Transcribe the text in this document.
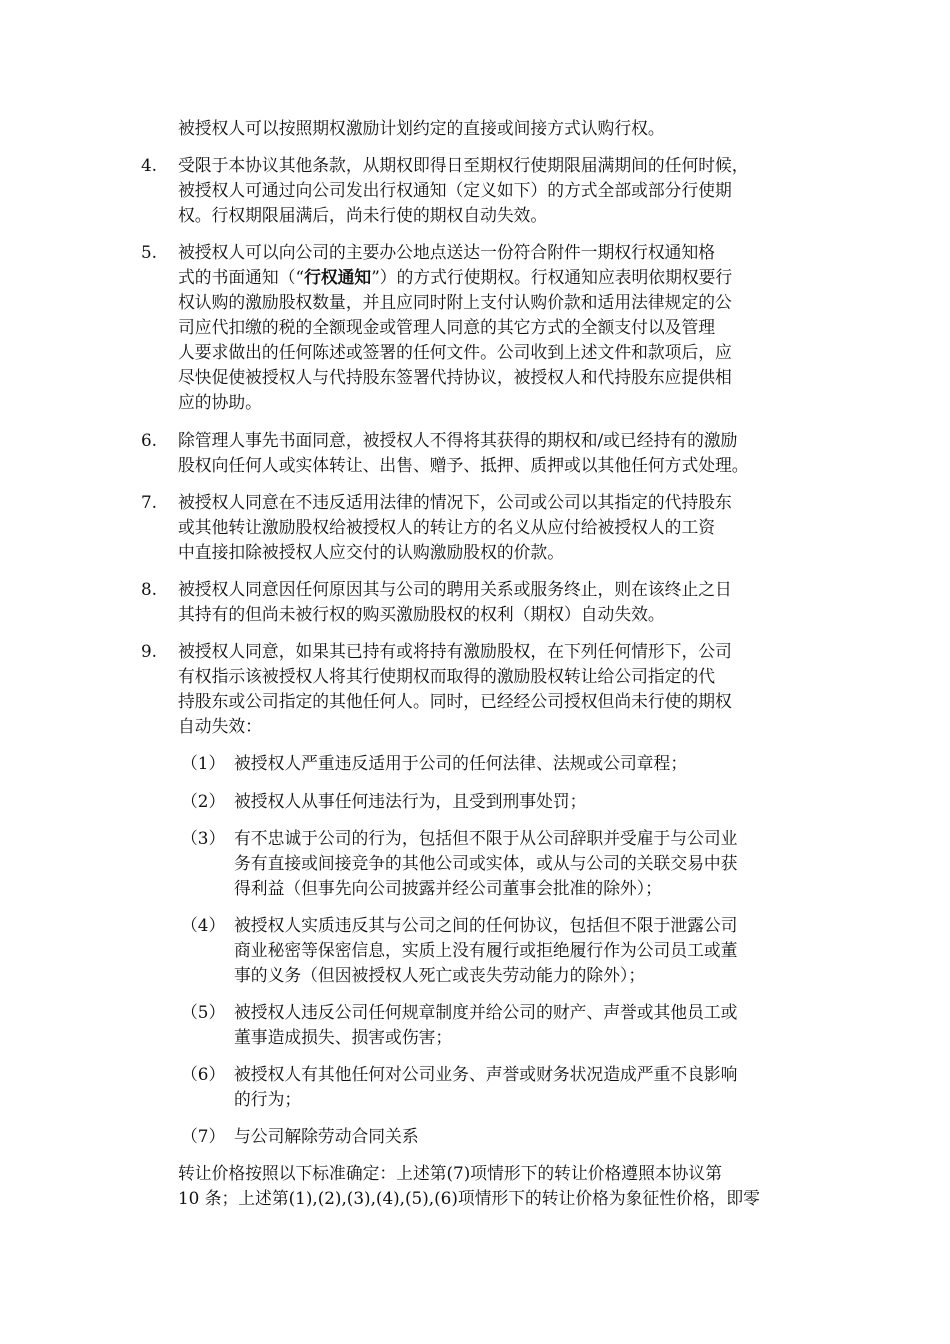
被授权人可以按照期权激励计划约定的直接或间接方式认购行权。
4. 受限于本协议其他条款，从期权即得日至期权行使期限届满期间的任何时候，
被授权人可通过向公司发出行权通知（定义如下）的方式全部或部分行使期
权。行权期限届满后，尚未行使的期权自动失效。
5. 被授权人可以向公司的主要办公地点送达一份符合附件一期权行权通知格
式的书面通知（“行权通知”）的方式行使期权。行权通知应表明依期权要行
权认购的激励股权数量，并且应同时附上支付认购价款和适用法律规定的公
司应代扣缴的税的全额现金或管理人同意的其它方式的全额支付以及管理
人要求做出的任何陈述或签署的任何文件。公司收到上述文件和款项后，应
尽快促使被授权人与代持股东签署代持协议，被授权人和代持股东应提供相
应的协助。
6. 除管理人事先书面同意，被授权人不得将其获得的期权和/或已经持有的激励
股权向任何人或实体转让、出售、赠予、抵押、质押或以其他任何方式处理。
7. 被授权人同意在不违反适用法律的情况下，公司或公司以其指定的代持股东
或其他转让激励股权给被授权人的转让方的名义从应付给被授权人的工资
中直接扣除被授权人应交付的认购激励股权的价款。
8. 被授权人同意因任何原因其与公司的聘用关系或服务终止，则在该终止之日
其持有的但尚未被行权的购买激励股权的权利（期权）自动失效。
9. 被授权人同意，如果其已持有或将持有激励股权，在下列任何情形下，公司
有权指示该被授权人将其行使期权而取得的激励股权转让给公司指定的代
持股东或公司指定的其他任何人。同时，已经经公司授权但尚未行使的期权
自动失效：
（1） 被授权人严重违反适用于公司的任何法律、法规或公司章程；
（2） 被授权人从事任何违法行为，且受到刑事处罚；
（3） 有不忠诚于公司的行为，包括但不限于从公司辞职并受雇于与公司业
务有直接或间接竞争的其他公司或实体，或从与公司的关联交易中获
得利益（但事先向公司披露并经公司董事会批准的除外）；
（4） 被授权人实质违反其与公司之间的任何协议，包括但不限于泄露公司
商业秘密等保密信息，实质上没有履行或拒绝履行作为公司员工或董
事的义务（但因被授权人死亡或丧失劳动能力的除外）；
（5） 被授权人违反公司任何规章制度并给公司的财产、声誉或其他员工或
董事造成损失、损害或伤害；
（6） 被授权人有其他任何对公司业务、声誉或财务状况造成严重不良影响
的行为；
（7） 与公司解除劳动合同关系
转让价格按照以下标准确定：上述第(7)项情形下的转让价格遵照本协议第
10 条；上述第(1),(2),(3),(4),(5),(6)项情形下的转让价格为象征性价格，即零
